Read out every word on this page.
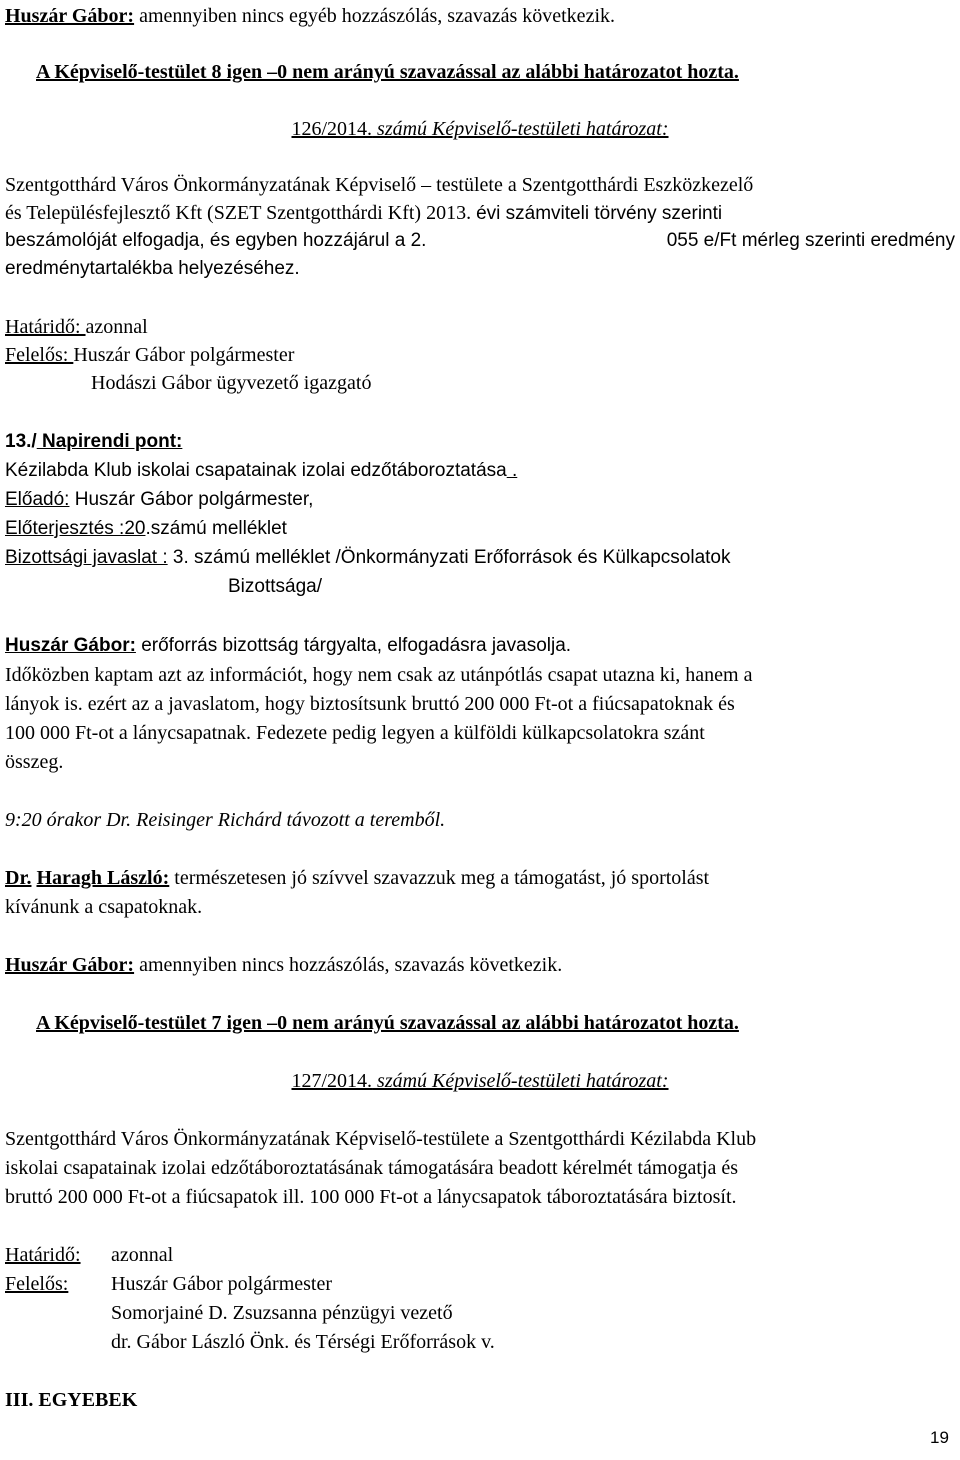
Huszár Gábor: amennyiben nincs egyéb hozzászólás, szavazás következik.
A Képviselő-testület 8 igen –0 nem arányú szavazással az alábbi határozatot hozta.
126/2014. számú Képviselő-testületi határozat:
Szentgotthárd Város Önkormányzatának Képviselő – testülete a Szentgotthárdi Eszközkezelő
és Településfejlesztő Kft (SZET Szentgotthárdi Kft) 2013. évi számviteli törvény szerinti
beszámolóját elfogadja, és egyben hozzájárul a 2.	055 e/Ft mérleg szerinti eredmény
eredménytartalékba helyezéséhez.
Határidő: azonnal
Felelős: Huszár Gábor polgármester
Hodászi Gábor ügyvezető igazgató
13./ Napirendi pont:
Kézilabda Klub iskolai csapatainak izolai edzőtáboroztatása .
Előadó: Huszár Gábor polgármester,
Előterjesztés :20.számú melléklet
Bizottsági javaslat : 3. számú melléklet /Önkormányzati Erőforrások és Külkapcsolatok
Bizottsága/
Huszár Gábor: erőforrás bizottság tárgyalta, elfogadásra javasolja.
Időközben kaptam azt az információt, hogy nem csak az utánpótlás csapat utazna ki, hanem a
lányok is. ezért az a javaslatom, hogy biztosítsunk bruttó 200 000 Ft-ot a fiúcsapatoknak és
100 000 Ft-ot a lánycsapatnak. Fedezete pedig legyen a külföldi külkapcsolatokra szánt
összeg.
9:20 órakor Dr. Reisinger Richárd távozott a teremből.
Dr. Haragh László: természetesen jó szívvel szavazzuk meg a támogatást, jó sportolást
kívánunk a csapatoknak.
Huszár Gábor: amennyiben nincs hozzászólás, szavazás következik.
A Képviselő-testület 7 igen –0 nem arányú szavazással az alábbi határozatot hozta.
127/2014. számú Képviselő-testületi határozat:
Szentgotthárd Város Önkormányzatának Képviselő-testülete a Szentgotthárdi Kézilabda Klub
iskolai csapatainak izolai edzőtáboroztatásának támogatására beadott kérelmét támogatja és
bruttó 200 000 Ft-ot a fiúcsapatok ill. 100 000 Ft-ot a lánycsapatok táboroztatására biztosít.
Határidő: azonnal
Felelős: Huszár Gábor polgármester
Somorjainé D. Zsuzsanna pénzügyi vezető
dr. Gábor László Önk. és Térségi Erőforrások v.
III. EGYEBEK
19
